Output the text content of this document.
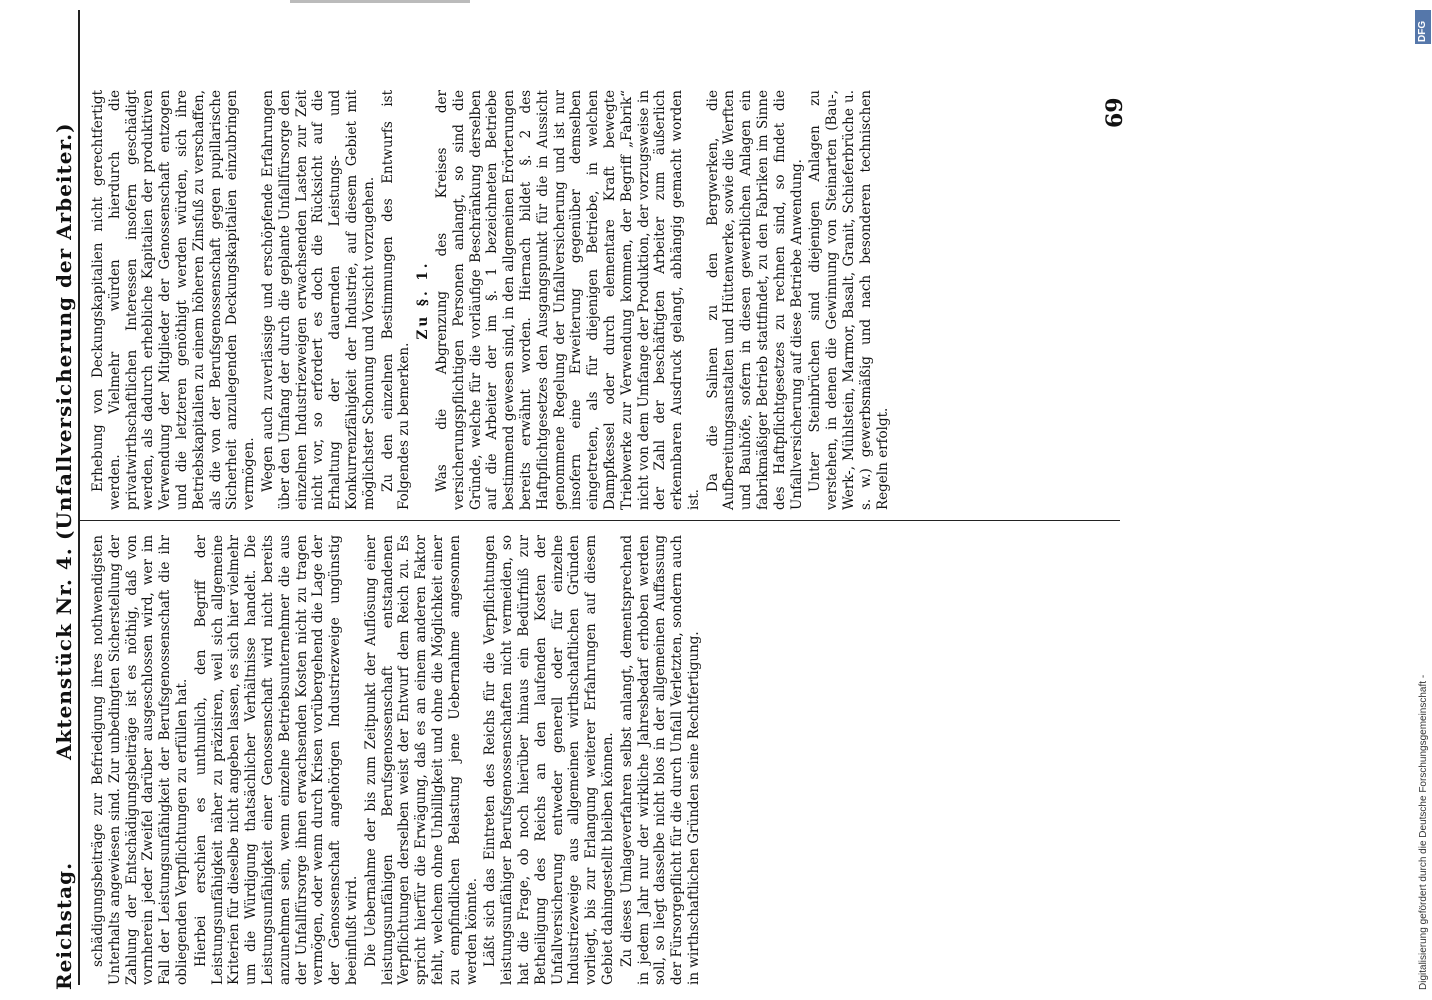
Reichstag.
Aktenstück Nr. 4.
(Unfallversicherung der Arbeiter.)
69

schädigungsbeiträge zur Befriedigung ihres nothwendigsten Unterhalts angewiesen sind. Zur unbedingten Sicherstellung der Zahlung der Entschädigungsbeiträge ist es nöthig, daß von vornherein jeder Zweifel darüber ausgeschlossen wird, wer im Fall der Leistungsunfähigkeit der Berufsgenossenschaft die ihr obliegenden Verpflichtungen zu erfüllen hat. Hierbei erschien es unthunlich, den Begriff der Leistungsunfähigkeit näher zu präzisiren, weil sich allgemeine Kriterien für dieselbe nicht angeben lassen, es sich hier vielmehr um die Würdigung thatsächlicher Verhältnisse handelt. Die Leistungsunfähigkeit einer Genossenschaft wird nicht bereits anzunehmen sein, wenn einzelne Betriebsunternehmer die aus der Unfallfürsorge ihnen erwachsenden Kosten nicht zu tragen vermögen, oder wenn durch Krisen vorübergehend die Lage der der Genossenschaft angehörigen Industriezweige ungünstig beeinflußt wird. Die Uebernahme der bis zum Zeitpunkt der Auflösung einer leistungsunfähigen Berufsgenossenschaft entstandenen Verpflichtungen derselben weist der Entwurf dem Reich zu. Es spricht hierfür die Erwägung, daß es an einem anderen Faktor fehlt, welchem ohne Unbilligkeit und ohne die Möglichkeit einer zu empfindlichen Belastung jene Uebernahme angesonnen werden könnte. Läßt sich das Eintreten des Reichs für die Verpflichtungen leistungsunfähiger Berufsgenossenschaften nicht vermeiden, so hat die Frage, ob noch hierüber hinaus ein Bedürfniß zur Betheiligung des Reichs an den laufenden Kosten der Unfallversicherung entweder generell oder für einzelne Industriezweige aus allgemeinen wirthschaftlichen Gründen vorliegt, bis zur Erlangung weiterer Erfahrungen auf diesem Gebiet dahingestellt bleiben können. Zu dieses Umlageverfahren selbst anlangt, dementsprechend in jedem Jahr nur der wirkliche Jahresbedarf erhoben werden soll, so liegt dasselbe nicht blos in der allgemeinen Auffassung der Fürsorgepflicht für die durch Unfall Verletzten, sondern auch in wirthschaftlichen Gründen seine Rechtfertigung.

Erhebung von Deckungskapitalien nicht gerechtfertigt werden. Vielmehr würden hierdurch die privatwirthschaftlichen Interessen insofern geschädigt werden, als dadurch erhebliche Kapitalien der produktiven Verwendung der Mitglieder der Genossenschaft entzogen und die letzteren genöthigt werden würden, sich ihre Betriebskapitalien zu einem höheren Zinsfuß zu verschaffen, als die von der Berufsgenossenschaft gegen pupillarische Sicherheit anzulegenden Deckungskapitalien einzubringen vermögen. Wegen auch zuverlässige und erschöpfende Erfahrungen über den Umfang der durch die geplante Unfallfürsorge den einzelnen Industriezweigen erwachsenden Lasten zur Zeit nicht vor, so erfordert es doch die Rücksicht auf die Erhaltung der dauernden Leistungs- und Konkurrenzfähigkeit der Industrie, auf diesem Gebiet mit möglichster Schonung und Vorsicht vorzugehen. Zu den einzelnen Bestimmungen des Entwurfs ist Folgendes zu bemerken.

Zu §. 1. Was die Abgrenzung des Kreises der versicherungspflichtigen Personen anlangt, so sind die Gründe, welche für die vorläufige Beschränkung derselben auf die Arbeiter der im §. 1 bezeichneten Betriebe bestimmend gewesen sind, in den allgemeinen Erörterungen bereits erwähnt worden. Hiernach bildet §. 2 des Haftpflichtgesetzes den Ausgangspunkt für die in Aussicht genommene Regelung der Unfallversicherung und ist nur insofern eine Erweiterung gegenüber demselben eingetreten, als für diejenigen Betriebe, in welchen Dampfkessel oder durch elementare Kraft bewegte Triebwerke zur Verwendung kommen, der Begriff „Fabrik“ nicht von dem Umfange der Produktion, der vorzugsweise in der Zahl der beschäftigten Arbeiter zum äußerlich erkennbaren Ausdruck gelangt, abhängig gemacht worden ist.

Da die Salinen zu den Bergwerken, die Aufbereitungsanstalten und Hüttenwerke, sowie die Werften und Bauhöfe, sofern in diesen gewerblichen Anlagen ein fabrikmäßiger Betrieb stattfindet, zu den Fabriken im Sinne des Haftpflichtgesetzes zu rechnen sind, so findet die Unfallversicherung auf diese Betriebe Anwendung. Unter Steinbrüchen sind diejenigen Anlagen zu verstehen, in denen die Gewinnung von Steinarten (Bau-, Werk-, Mühlstein, Marmor, Basalt, Granit, Schieferbrüche u. s. w.) gewerbsmäßig und nach besonderen technischen Regeln erfolgt.

Digitalisierung gefördert durch die Deutsche Forschungsgemeinschaft -
DFG
